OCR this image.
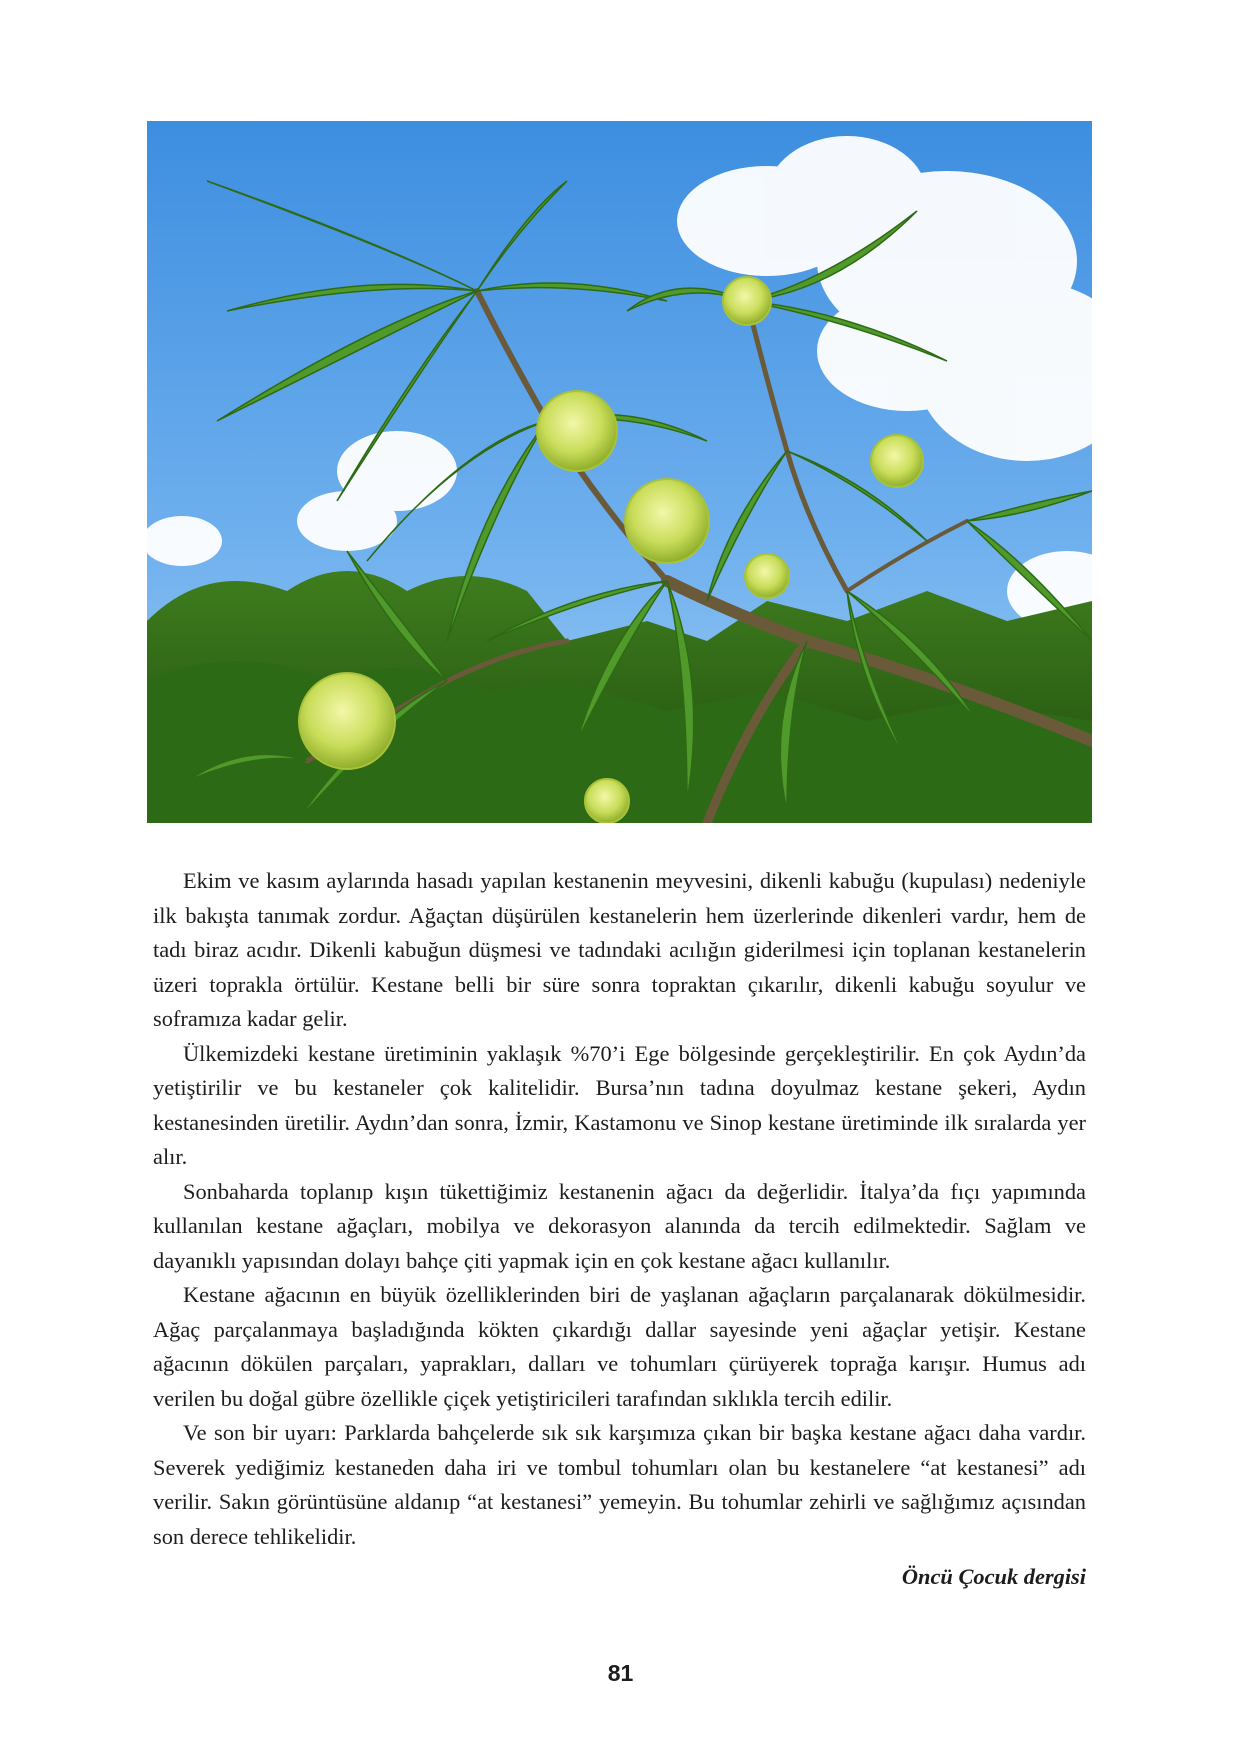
Ekim ve kasım aylarında hasadı yapılan kestanenin meyvesini, dikenli kabuğu (kupulası) nedeniyle ilk bakışta tanımak zordur. Ağaçtan düşürülen kestanelerin hem üzerlerinde dikenleri vardır, hem de tadı biraz acıdır. Dikenli kabuğun düşmesi ve tadındaki acılığın giderilmesi için toplanan kestanelerin üzeri toprakla örtülür. Kestane belli bir süre sonra topraktan çıkarılır, dikenli kabuğu soyulur ve soframıza kadar gelir.

Ülkemizdeki kestane üretiminin yaklaşık %70’i Ege bölgesinde gerçekleştirilir. En çok Aydın’da yetiştirilir ve bu kestaneler çok kalitelidir. Bursa’nın tadına doyulmaz kestane şekeri, Aydın kestanesinden üretilir. Aydın’dan sonra, İzmir, Kastamonu ve Sinop kestane üretiminde ilk sıralarda yer alır.

Sonbaharda toplanıp kışın tükettiğimiz kestanenin ağacı da değerlidir. İtalya’da fıçı yapımında kullanılan kestane ağaçları, mobilya ve dekorasyon alanında da tercih edilmektedir. Sağlam ve dayanıklı yapısından dolayı bahçe çiti yapmak için en çok kestane ağacı kullanılır.

Kestane ağacının en büyük özelliklerinden biri de yaşlanan ağaçların parçalanarak dökülmesidir. Ağaç parçalanmaya başladığında kökten çıkardığı dallar sayesinde yeni ağaçlar yetişir. Kestane ağacının dökülen parçaları, yaprakları, dalları ve tohumları çürüyerek toprağa karışır. Humus adı verilen bu doğal gübre özellikle çiçek yetiştiricileri tarafından sıklıkla tercih edilir.

Ve son bir uyarı: Parklarda bahçelerde sık sık karşımıza çıkan bir başka kestane ağacı daha vardır. Severek yediğimiz kestaneden daha iri ve tombul tohumları olan bu kestanelere “at kestanesi” adı verilir. Sakın görüntüsüne aldanıp “at kestanesi” yemeyin. Bu tohumlar zehirli ve sağlığımız açısından son derece tehlikelidir.

Öncü Çocuk dergisi

81
